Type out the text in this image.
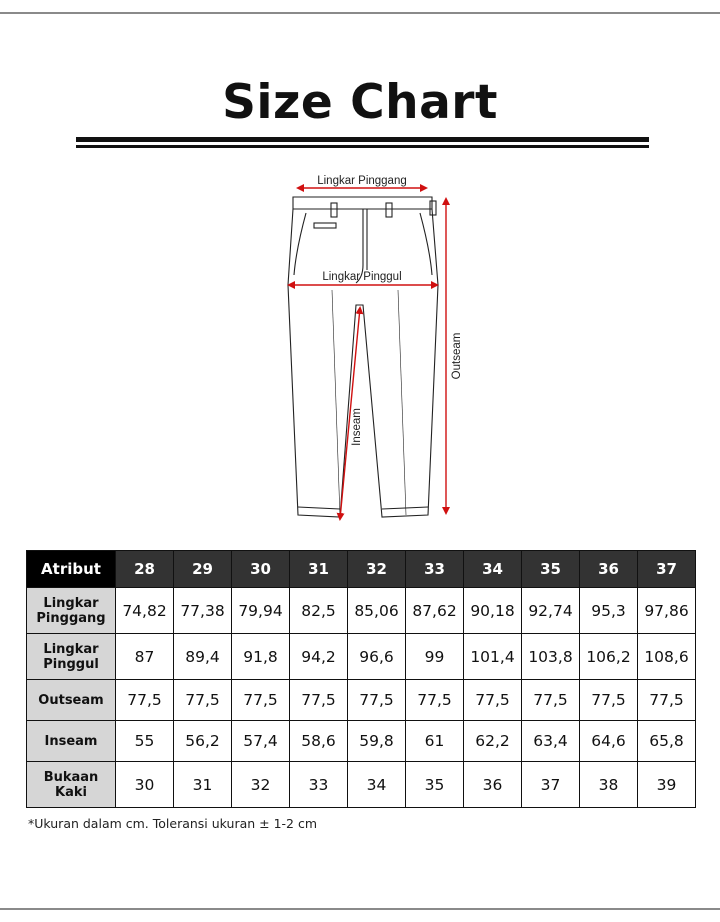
Size Chart
Lingkar Pinggang
Lingkar Pinggul
Outseam
Inseam
Atribut	28	29	30	31	32	33	34	35	36	37
Lingkar
Pinggang	74,82	77,38	79,94	82,5	85,06	87,62	90,18	92,74	95,3	97,86
Lingkar
Pinggul	87	89,4	91,8	94,2	96,6	99	101,4	103,8	106,2	108,6
Outseam	77,5	77,5	77,5	77,5	77,5	77,5	77,5	77,5	77,5	77,5
Inseam	55	56,2	57,4	58,6	59,8	61	62,2	63,4	64,6	65,8
Bukaan
Kaki	30	31	32	33	34	35	36	37	38	39
*Ukuran dalam cm. Toleransi ukuran ± 1-2 cm
